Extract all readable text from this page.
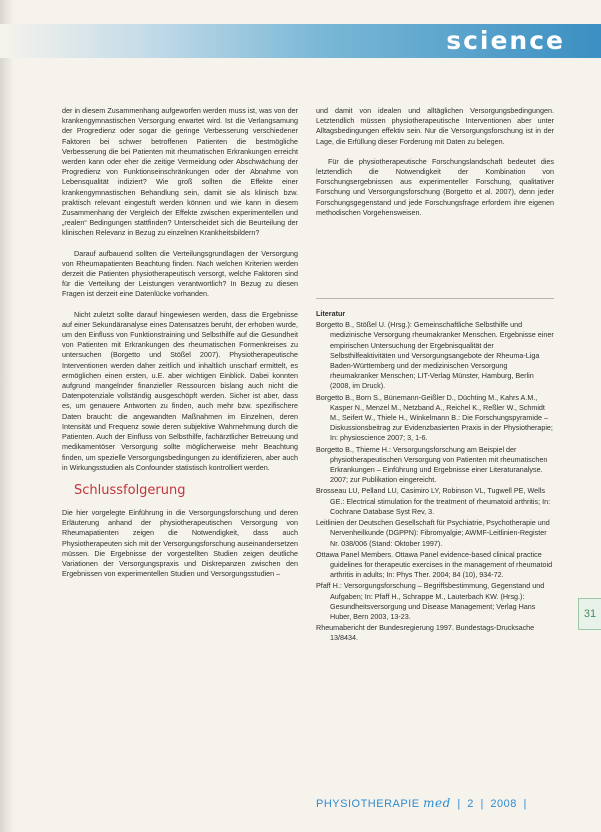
science

der in diesem Zusammenhang aufgeworfen werden muss ist, was von der krankengymnastischen Versorgung erwartet wird. Ist die Verlangsamung der Progredienz oder sogar die geringe Verbesserung verschiedener Faktoren bei schwer betroffenen Patienten die bestmögliche Verbesserung die bei Patienten mit rheumatischen Erkrankungen erreicht werden kann oder eher die zeitige Vermeidung oder Abschwächung der Progredienz von Funktionseinschränkungen oder der Abnahme von Lebensqualität indiziert? Wie groß sollten die Effekte einer krankengymnastischen Behandlung sein, damit sie als klinisch bzw. praktisch relevant eingestuft werden können und wie kann in diesem Zusammenhang der Vergleich der Effekte zwischen experimentellen und „realen“ Bedingungen stattfinden? Unterscheidet sich die Beurteilung der klinischen Relevanz in Bezug zu einzelnen Krankheitsbildern?

Darauf aufbauend sollten die Verteilungsgrundlagen der Versorgung von Rheumapatienten Beachtung finden. Nach welchen Kriterien werden derzeit die Patienten physiotherapeutisch versorgt, welche Faktoren sind für die Verteilung der Leistungen verantwortlich? In Bezug zu diesen Fragen ist derzeit eine Datenlücke vorhanden.

Nicht zuletzt sollte darauf hingewiesen werden, dass die Ergebnisse auf einer Sekundäranalyse eines Datensatzes beruht, der erhoben wurde, um den Einfluss von Funktionstraining und Selbsthilfe auf die Gesundheit von Patienten mit Erkrankungen des rheumatischen Formenkreises zu untersuchen (Borgetto und Stößel 2007). Physiotherapeutische Interventionen werden daher zeitlich und inhaltlich unscharf ermittelt, es ermöglichen einen ersten, u.E. aber wichtigen Einblick. Dabei konnten aufgrund mangelnder finanzieller Ressourcen bislang auch nicht die Datenpotenziale vollständig ausgeschöpft werden. Sicher ist aber, dass es, um genauere Antworten zu finden, auch mehr bzw. spezifischere Daten braucht: die angewandten Maßnahmen im Einzelnen, deren Intensität und Frequenz sowie deren subjektive Wahrnehmung durch die Patienten. Auch der Einfluss von Selbsthilfe, fachärztlicher Betreuung und medikamentöser Versorgung sollte möglicherweise mehr Beachtung finden, um spezielle Versorgungsbedingungen zu identifizieren, aber auch in Wirkungsstudien als Confounder statistisch kontrolliert werden.

Schlussfolgerung

Die hier vorgelegte Einführung in die Versorgungsforschung und deren Erläuterung anhand der physiotherapeutischen Versorgung von Rheumapatienten zeigen die Notwendigkeit, dass auch Physiotherapeuten sich mit der Versorgungsforschung auseinandersetzen müssen. Die Ergebnisse der vorgestellten Studien zeigen deutliche Variationen der Versorgungspraxis und Diskrepanzen zwischen den Ergebnissen von experimentellen Studien und Versorgungsstudien –

und damit von idealen und alltäglichen Versorgungsbedingungen. Letztendlich müssen physiotherapeutische Interventionen aber unter Alltagsbedingungen effektiv sein. Nur die Versorgungsforschung ist in der Lage, die Erfüllung dieser Forderung mit Daten zu belegen.

Für die physiotherapeutische Forschungslandschaft bedeutet dies letztendlich die Notwendigkeit der Kombination von Forschungsergebnissen aus experimenteller Forschung, qualitativer Forschung und Versorgungsforschung (Borgetto et al. 2007), denn jeder Forschungsgegenstand und jede Forschungsfrage erfordern ihre eigenen methodischen Vorgehensweisen.

Literatur
Borgetto B., Stößel U. (Hrsg.): Gemeinschaftliche Selbsthilfe und medizinische Versorgung rheumakranker Menschen. Ergebnisse einer empirischen Untersuchung der Ergebnisqualität der Selbsthilfeaktivitäten und Versorgungsangebote der Rheuma-Liga Baden-Württemberg und der medizinischen Versorgung rheumakranker Menschen; LIT-Verlag Münster, Hamburg, Berlin (2008, im Druck).
Borgetto B., Born S., Bünemann-Geißler D., Düchting M., Kahrs A.M., Kasper N., Menzel M., Netzband A., Reichel K., Reßler W., Schmidt M., Seifert W., Thiele H., Winkelmann B.: Die Forschungspyramide – Diskussionsbeitrag zur Evidenzbasierten Praxis in der Physiotherapie; In: physioscience 2007; 3, 1-6.
Borgetto B., Thieme H.: Versorgungsforschung am Beispiel der physiotherapeutischen Versorgung von Patienten mit rheumatischen Erkrankungen – Einführung und Ergebnisse einer Literaturanalyse. 2007; zur Publikation eingereicht.
Brosseau LU, Pelland LU, Casimiro LY, Robinson VL, Tugwell PE, Wells GE.: Electrical stimulation for the treatment of rheumatoid arthritis; In: Cochrane Database Syst Rev, 3.
Leitlinien der Deutschen Gesellschaft für Psychiatrie, Psychotherapie und Nervenheilkunde (DGPPN): Fibromyalgie; AWMF-Leitlinien-Register Nr. 038/006 (Stand: Oktober 1997).
Ottawa Panel Members. Ottawa Panel evidence-based clinical practice guidelines for therapeutic exercises in the management of rheumatoid arthritis in adults; In: Phys Ther. 2004; 84 (10), 934-72.
Pfaff H.: Versorgungsforschung – Begriffsbestimmung, Gegenstand und Aufgaben; In: Pfaff H., Schrappe M., Lauterbach KW. (Hrsg.): Gesundheitsversorgung und Disease Management; Verlag Hans Huber, Bern 2003, 13-23.
Rheumabericht der Bundesregierung 1997. Bundestags-Drucksache 13/8434.
31
PHYSIOTHERAPIE med | 2 | 2008 |
